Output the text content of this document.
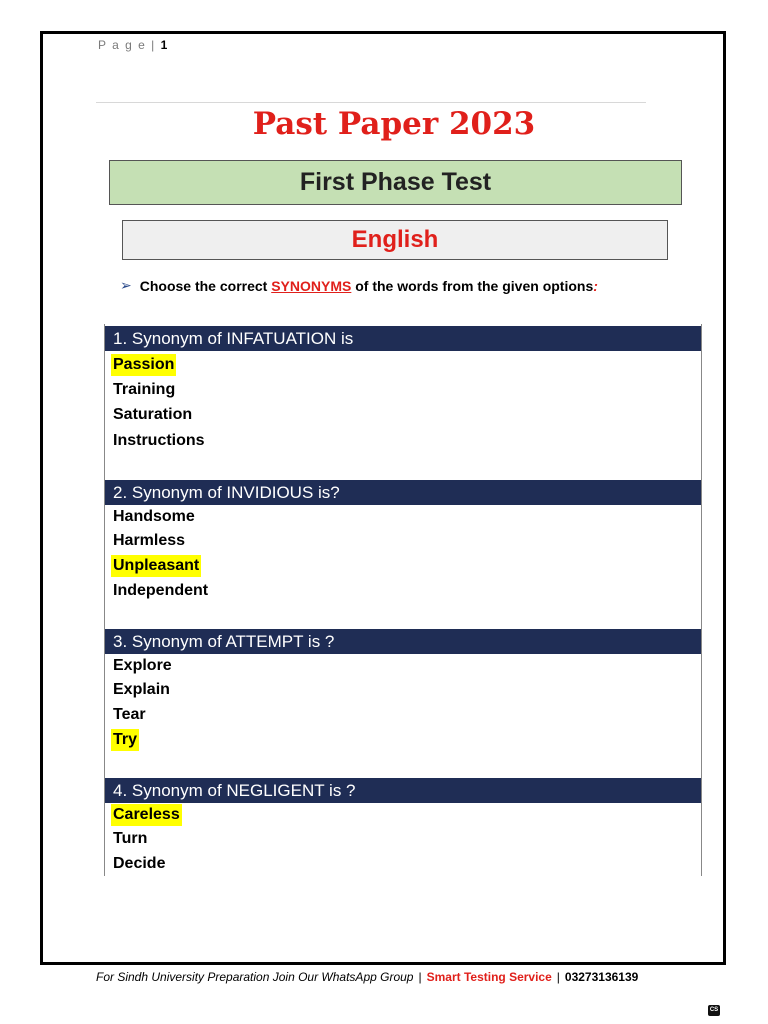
P a g e | 1
Past Paper 2023
First Phase Test
English
➢ Choose the correct SYNONYMS of the words from the given options:
1. Synonym of INFATUATION is
Passion
Training
Saturation
Instructions
2. Synonym of INVIDIOUS is?
Handsome
Harmless
Unpleasant
Independent
3. Synonym of ATTEMPT is ?
Explore
Explain
Tear
Try
4. Synonym of NEGLIGENT is ?
Careless
Turn
Decide
For Sindh University Preparation Join Our WhatsApp Group | Smart Testing Service | 03273136139
CS
